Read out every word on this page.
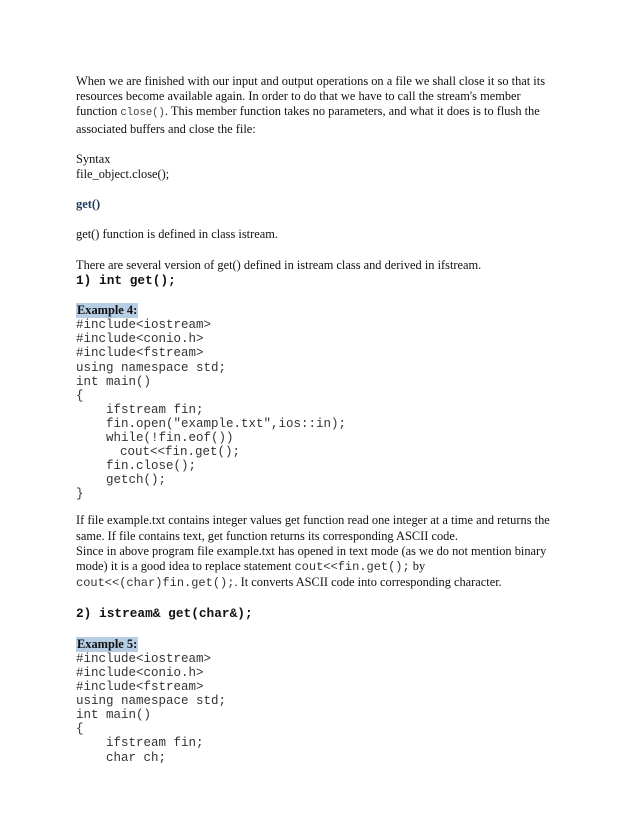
When we are finished with our input and output operations on a file we shall close it so that its resources become available again. In order to do that we have to call the stream's member function close(). This member function takes no parameters, and what it does is to flush the associated buffers and close the file:

Syntax

file_object.close();

get()

get() function is defined in class istream.

There are several version of get() defined in istream class and derived in ifstream.

1) int get();

Example 4:

#include<iostream>
#include<conio.h>
#include<fstream>
using namespace std;
int main()
{
ifstream fin;
fin.open("example.txt",ios::in);
while(!fin.eof())
cout<<fin.get();
fin.close();
getch();
}

If file example.txt contains integer values get function read one integer at a time and returns the same. If file contains text, get function returns its corresponding ASCII code.

Since in above program file example.txt has opened in text mode (as we do not mention binary mode) it is a good idea to replace statement cout<<fin.get(); by
cout<<(char)fin.get();. It converts ASCII code into corresponding character.

2) istream& get(char&);

Example 5:

#include<iostream>
#include<conio.h>
#include<fstream>
using namespace std;
int main()
{
ifstream fin;
char ch;
